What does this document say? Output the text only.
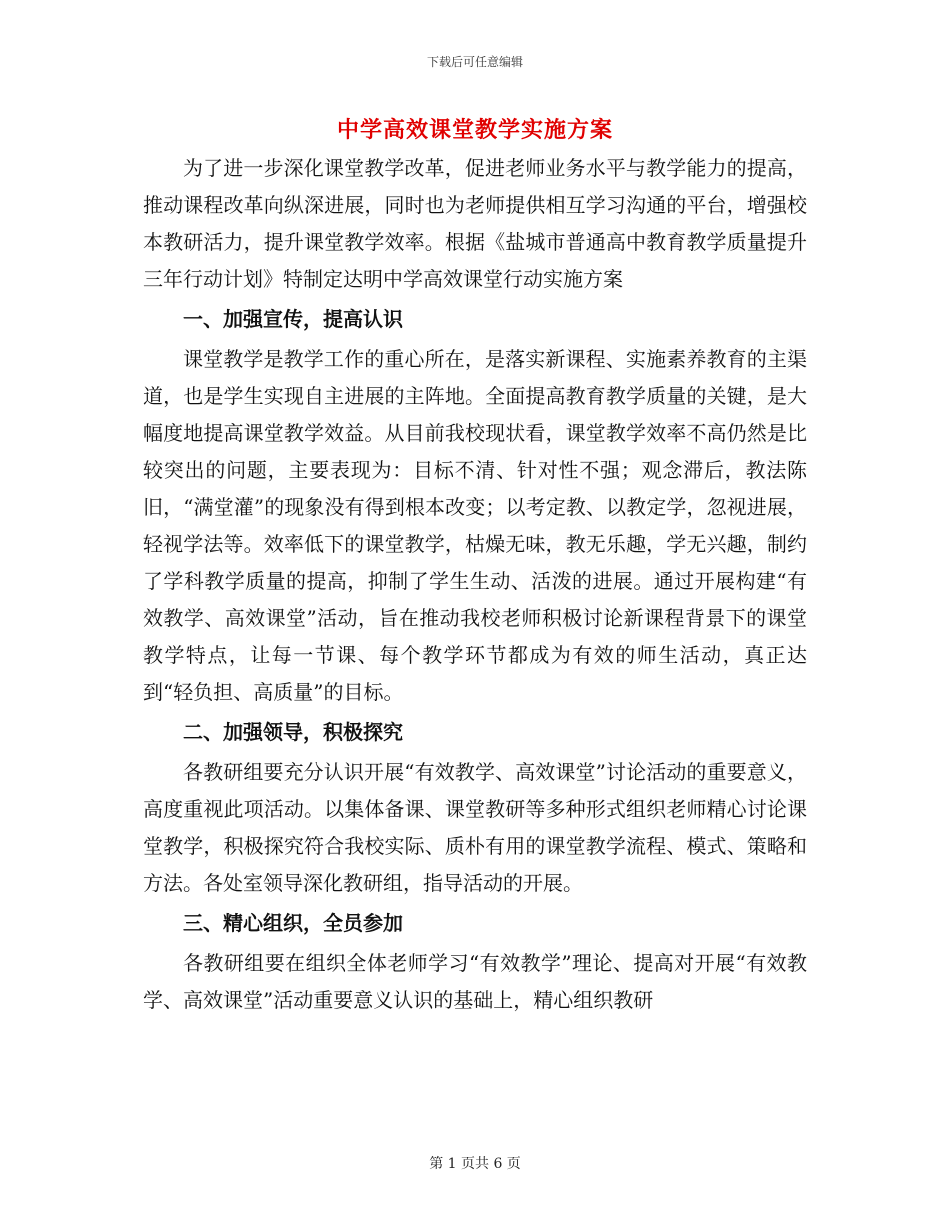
下载后可任意编辑
中学高效课堂教学实施方案

为了进一步深化课堂教学改革，促进老师业务水平与教学能力的提高，推动课程改革向纵深进展，同时也为老师提供相互学习沟通的平台，增强校本教研活力，提升课堂教学效率。根据《盐城市普通高中教育教学质量提升三年行动计划》特制定达明中学高效课堂行动实施方案

一、加强宣传，提高认识

课堂教学是教学工作的重心所在，是落实新课程、实施素养教育的主渠道，也是学生实现自主进展的主阵地。全面提高教育教学质量的关键，是大幅度地提高课堂教学效益。从目前我校现状看，课堂教学效率不高仍然是比较突出的问题，主要表现为：目标不清、针对性不强；观念滞后，教法陈旧，“满堂灌”的现象没有得到根本改变；以考定教、以教定学，忽视进展，轻视学法等。效率低下的课堂教学，枯燥无味，教无乐趣，学无兴趣，制约了学科教学质量的提高，抑制了学生生动、活泼的进展。通过开展构建“有效教学、高效课堂”活动，旨在推动我校老师积极讨论新课程背景下的课堂教学特点，让每一节课、每个教学环节都成为有效的师生活动，真正达到“轻负担、高质量”的目标。

二、加强领导，积极探究

各教研组要充分认识开展“有效教学、高效课堂”讨论活动的重要意义，高度重视此项活动。以集体备课、课堂教研等多种形式组织老师精心讨论课堂教学，积极探究符合我校实际、质朴有用的课堂教学流程、模式、策略和方法。各处室领导深化教研组，指导活动的开展。

三、精心组织，全员参加

各教研组要在组织全体老师学习“有效教学”理论、提高对开展“有效教学、高效课堂”活动重要意义认识的基础上，精心组织教研

第 1 页共 6 页
